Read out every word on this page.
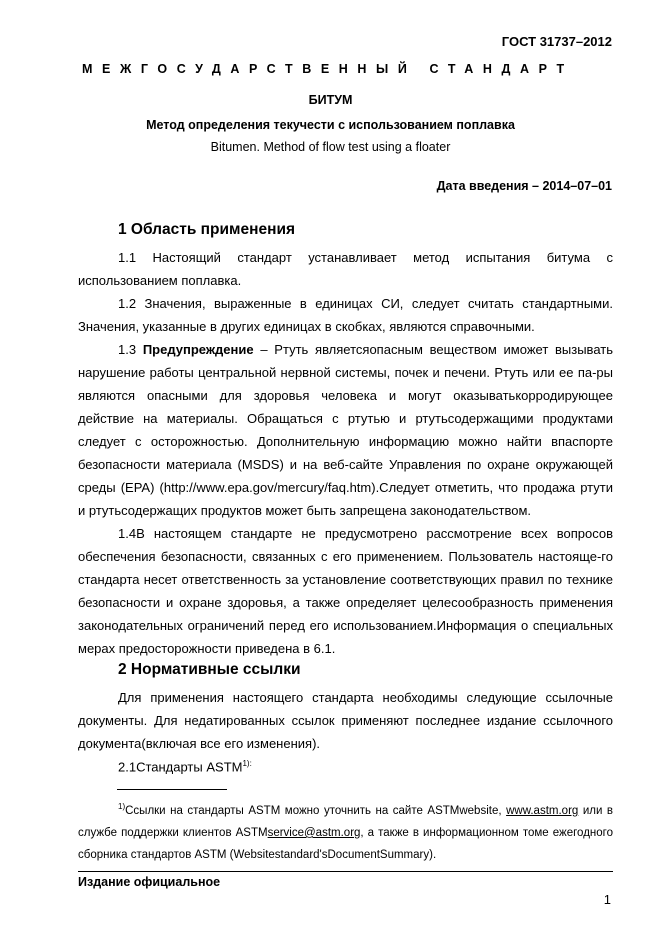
ГОСТ 31737–2012
МЕЖГОСУДАРСТВЕННЫЙ СТАНДАРТ
БИТУМ
Метод определения текучести с использованием поплавка
Bitumen. Method of flow test using a floater
Дата введения – 2014–07–01
1 Область применения
1.1 Настоящий стандарт устанавливает метод испытания битума с использованием поплавка.
1.2 Значения, выраженные в единицах СИ, следует считать стандартными. Значения, указанные в других единицах в скобках, являются справочными.
1.3 Предупреждение – Ртуть являетсяопасным веществом иможет вызывать нарушение работы центральной нервной системы, почек и печени. Ртуть или ее па-ры являются опасными для здоровья человека и могут оказыватькорродирующее действие на материалы. Обращаться с ртутью и ртутьсодержащими продуктами следует с осторожностью. Дополнительную информацию можно найти впаспорте безопасности материала (MSDS) и на веб-сайте Управления по охране окружающей среды (EPA) (http://www.epa.gov/mercury/faq.htm).Следует отметить, что продажа ртути и ртутьсодержащих продуктов может быть запрещена законодательством.
1.4В настоящем стандарте не предусмотрено рассмотрение всех вопросов обеспечения безопасности, связанных с его применением. Пользователь настояще-го стандарта несет ответственность за установление соответствующих правил по технике безопасности и охране здоровья, а также определяет целесообразность применения законодательных ограничений перед его использованием.Информация о специальных мерах предосторожности приведена в 6.1.
2 Нормативные ссылки
Для применения настоящего стандарта необходимы следующие ссылочные документы. Для недатированных ссылок применяют последнее издание ссылочного документа(включая все его изменения).
2.1Стандарты $ASTM^{1):}$
$^{1)}$Ссылки на стандарты ASTM можно уточнить на сайте ASTMwebsite, www.astm.org или в службе поддержки клиентов ASTMservice@astm.org, а также в информационном томе ежегодного сборника стандартов ASTM (Websitestandard'sDocumentSummary).
Издание официальное
1
